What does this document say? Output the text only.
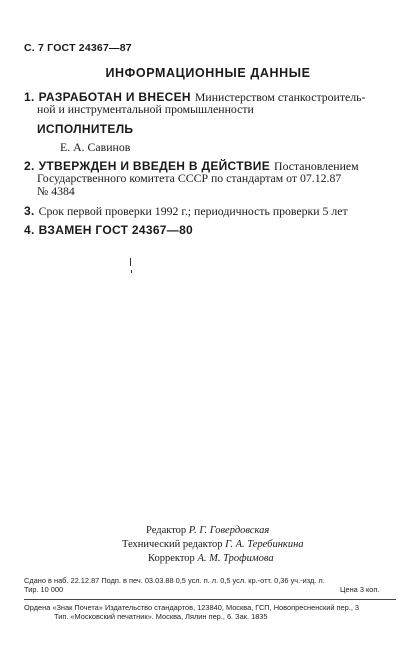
С. 7 ГОСТ 24367—87
ИНФОРМАЦИОННЫЕ ДАННЫЕ
1. РАЗРАБОТАН И ВНЕСЕН Министерством станкостроитель-
ной и инструментальной промышленности
ИСПОЛНИТЕЛЬ
Е. А. Савинов
2. УТВЕРЖДЕН И ВВЕДЕН В ДЕЙСТВИЕ Постановлением
Государственного комитета СССР по стандартам от 07.12.87
№ 4384
3. Срок первой проверки 1992 г.; периодичность проверки 5 лет
4. ВЗАМЕН ГОСТ 24367—80
Редактор Р. Г. Говердовская
Технический редактор Г. А. Теребинкина
Корректор А. М. Трофимова
Сдано в наб. 22.12.87 Подп. в печ. 03.03.88 0,5 усл. п. л. 0,5 усл. кр.-отт. 0,36 уч.-изд. л.
Тир. 10 000	Цена 3 коп.
Ордена «Знак Почета» Издательство стандартов, 123840, Москва, ГСП, Новопресненский пер., 3
Тип. «Московский печатник». Москва, Лялин пер., 6. Зак. 1835
